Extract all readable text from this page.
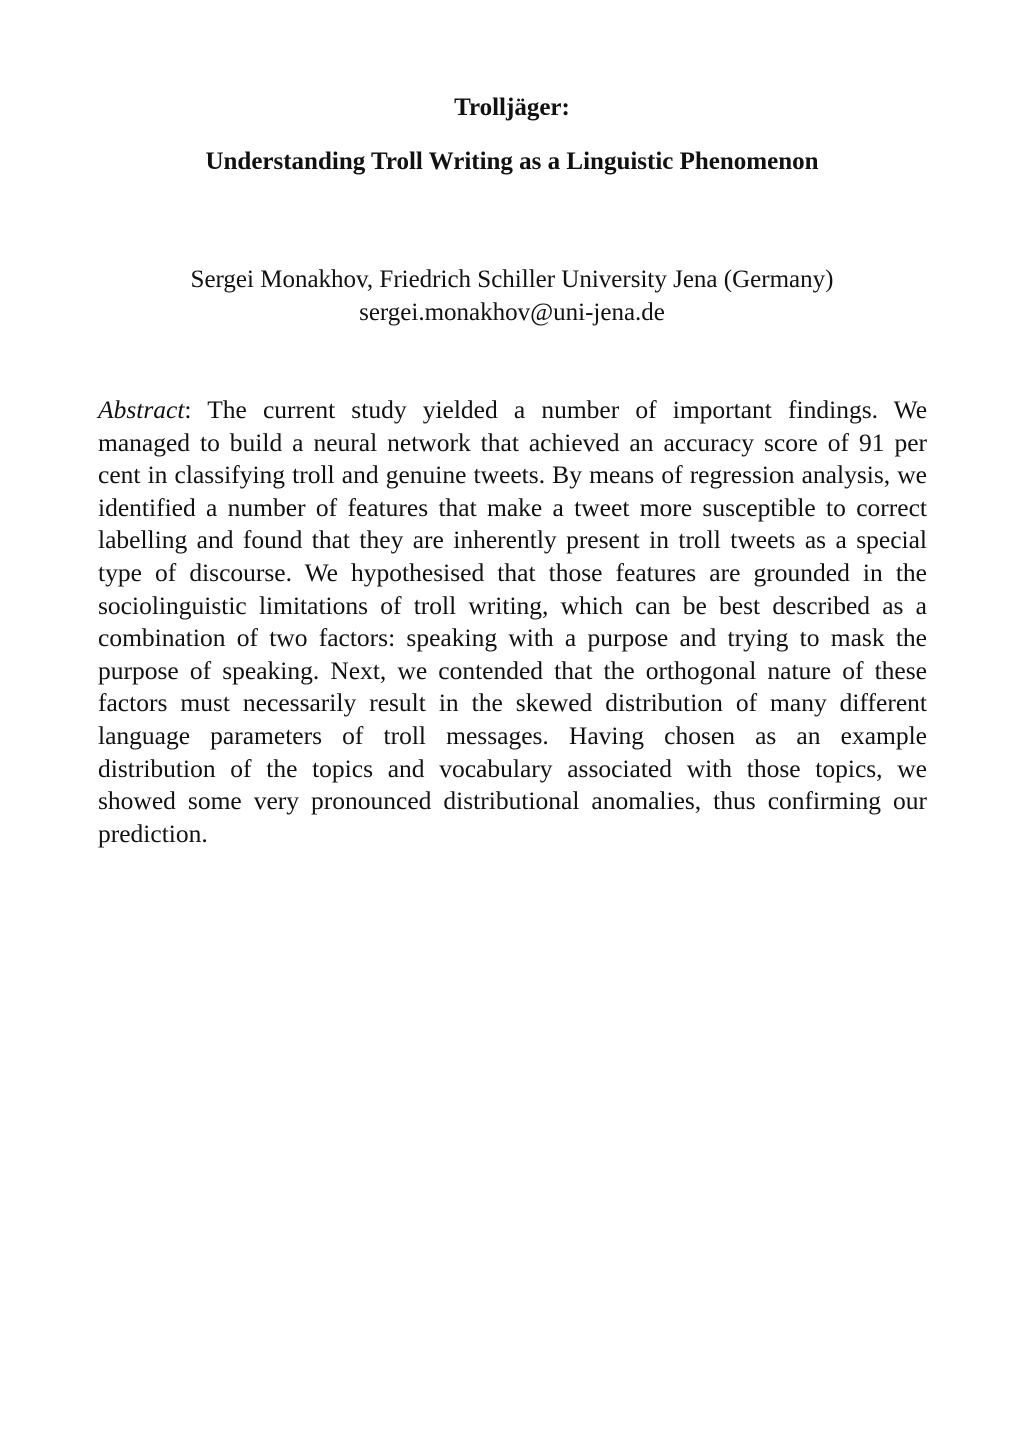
Trolljäger:
Understanding Troll Writing as a Linguistic Phenomenon

Sergei Monakhov, Friedrich Schiller University Jena (Germany)

sergei.monakhov@uni-jena.de

Abstract: The current study yielded a number of important findings. We managed to build a neural network that achieved an accuracy score of 91 per cent in classifying troll and genuine tweets. By means of regression analysis, we identified a number of features that make a tweet more susceptible to correct labelling and found that they are inherently present in troll tweets as a special type of discourse. We hypothesised that those features are grounded in the sociolinguistic limitations of troll writing, which can be best described as a combination of two factors: speaking with a purpose and trying to mask the purpose of speaking. Next, we contended that the orthogonal nature of these factors must necessarily result in the skewed distribution of many different language parameters of troll messages. Having chosen as an example distribution of the topics and vocabulary associated with those topics, we showed some very pronounced distributional anomalies, thus confirming our prediction.
